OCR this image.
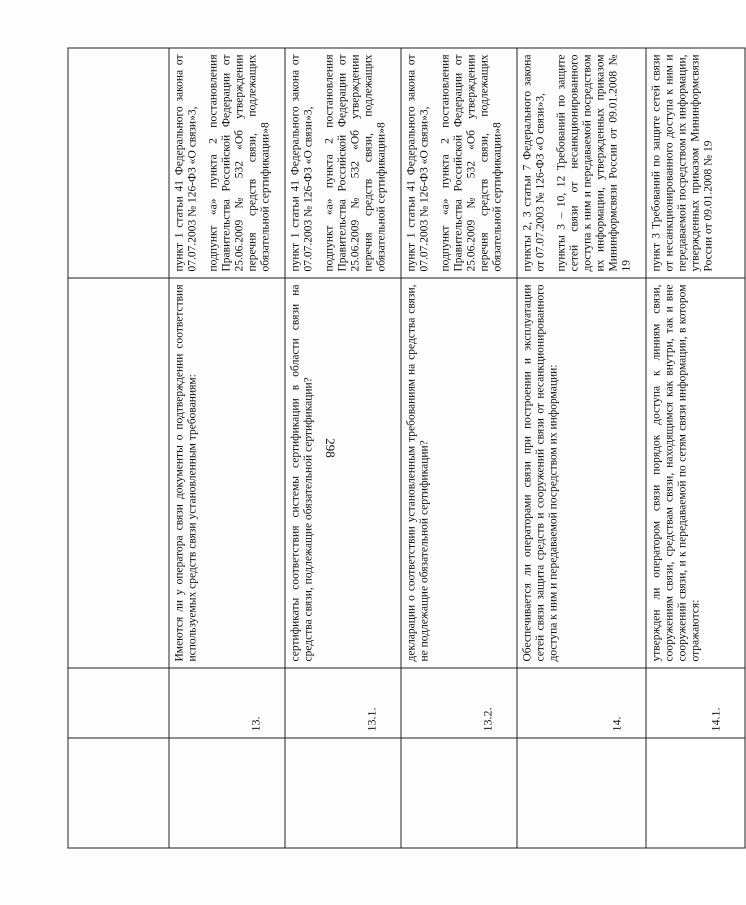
298

	13.	Имеются ли у оператора связи документы о подтверждении соответствия используемых средств связи установленным требованиям:	пункт 1 статьи 41 Федерального закона от 07.07.2003 № 126-ФЗ «О связи»3, подпункт «а» пункта 2 постановления Правительства Российской Федерации от 25.06.2009 № 532 «Об утверждении перечня средств связи, подлежащих обязательной сертификации»8

	13.1.	сертификаты соответствия системы сертификации в области связи на средства связи, подлежащие обязательной сертификации?	пункт 1 статьи 41 Федерального закона от 07.07.2003 № 126-ФЗ «О связи»3, подпункт «а» пункта 2 постановления Правительства Российской Федерации от 25.06.2009 № 532 «Об утверждении перечня средств связи, подлежащих обязательной сертификации»8

	13.2.	декларации о соответствии установленным требованиям на средства связи, не подлежащие обязательной сертификации?	пункт 1 статьи 41 Федерального закона от 07.07.2003 № 126-ФЗ «О связи»3, подпункт «а» пункта 2 постановления Правительства Российской Федерации от 25.06.2009 № 532 «Об утверждении перечня средств связи, подлежащих обязательной сертификации»8

	14.	Обеспечивается ли операторами связи при построении и эксплуатации сетей связи защита средств и сооружений связи от несанкционированного доступа к ним и передаваемой посредством их информации:	пункты 2, 3 статьи 7 Федерального закона от 07.07.2003 № 126-ФЗ «О связи»3, пункты 3 – 10, 12 Требований по защите сетей связи от несанкционированного доступа к ним и передаваемой посредством их информации, утвержденных приказом Мининформсвязи России от 09.01.2008 № 19

	14.1.	утвержден ли оператором связи порядок доступа к линиям связи, сооружениям связи, средствам связи, находящимся как внутри, так и вне сооружений связи, и к передаваемой по сетям связи информации, в котором отражаются:	пункт 3 Требований по защите сетей связи от несанкционированного доступа к ним и передаваемой посредством их информации, утвержденных приказом Мининформсвязи России от 09.01.2008 № 19
